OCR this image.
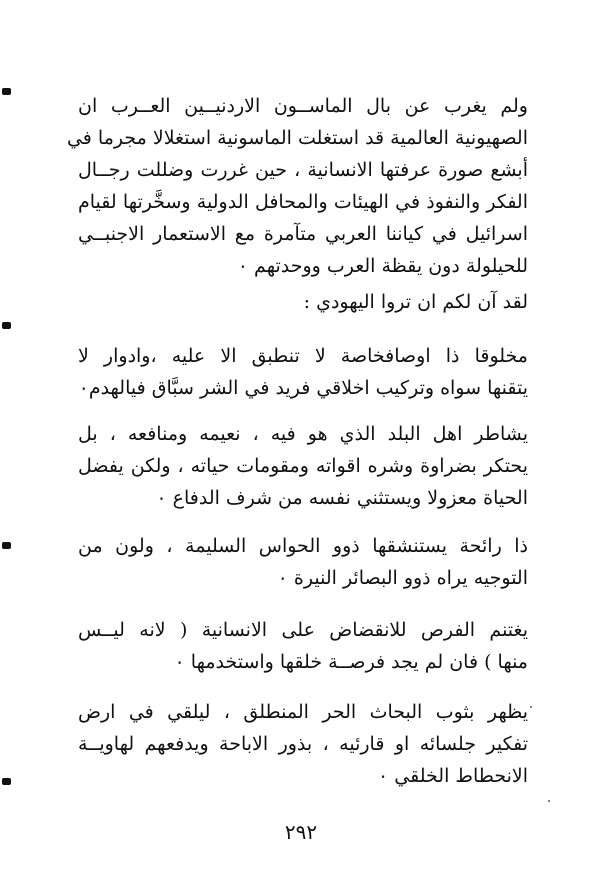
ولم يغرب عن بال الماســون الاردنيــين العــرب ان
الصهيونية العالمية قد استغلت الماسونية استغلالا مجرما في
أبشع صورة عرفتها الانسانية ، حين غررت وضللت رجــال
الفكر والنفوذ في الهيئات والمحافل الدولية وسخَّرتها لقيام
اسرائيل في كياننا العربي متآمرة مع الاستعمار الاجنبــي
للحيلولة دون يقظة العرب ووحدتهم ٠
لقد آن لكم ان تروا اليهودي :
مخلوقا ذا اوصافخاصة لا تنطبق الا عليه ،وادوار لا
يتقنها سواه وتركيب اخلاقي فريد في الشر سبَّاق فيالهدم٠
يشاطر اهل البلد الذي هو فيه ، نعيمه ومنافعه ، بل
يحتكر بضراوة وشره اقواته ومقومات حياته ، ولكن يفضل
الحياة معزولا ويستثني نفسه من شرف الدفاع ٠
ذا رائحة يستنشقها ذوو الحواس السليمة ، ولون من
التوجيه يراه ذوو البصائر النيرة ٠
يغتنم الفرص للانقضاض على الانسانية ( لانه ليــس
منها ) فان لم يجد فرصــة خلقها واستخدمها ٠
يظهر بثوب البحاث الحر المنطلق ، ليلقي في ارض
تفكير جلسائه او قارئيه ، بذور الاباحة ويدفعهم لهاويــة
الانحطاط الخلقي ٠
٢٩٢
